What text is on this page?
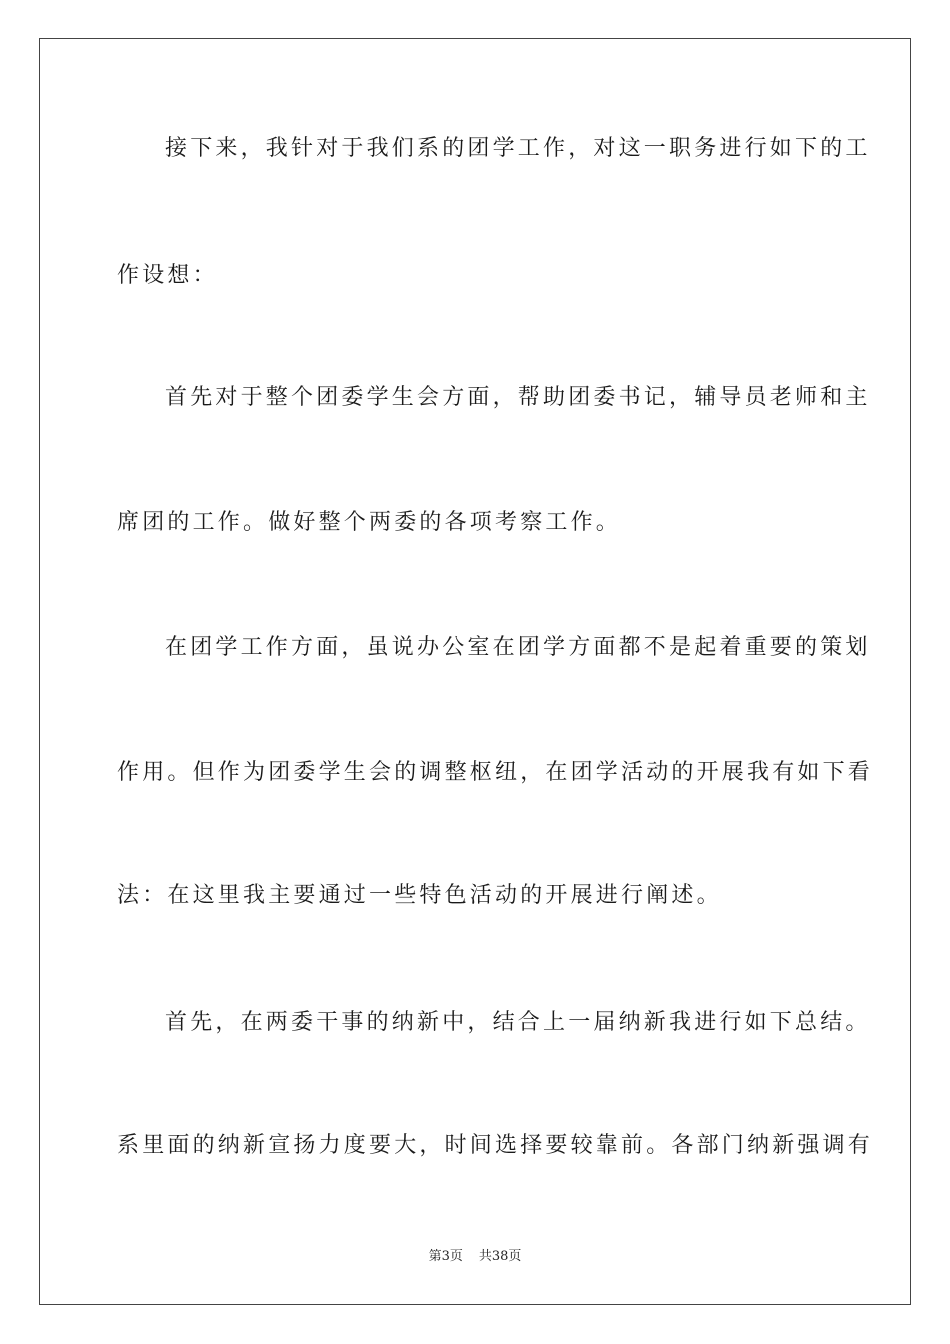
接下来，我针对于我们系的团学工作，对这一职务进行如下的工
作设想：
首先对于整个团委学生会方面，帮助团委书记，辅导员老师和主
席团的工作。做好整个两委的各项考察工作。
在团学工作方面，虽说办公室在团学方面都不是起着重要的策划
作用。但作为团委学生会的调整枢纽，在团学活动的开展我有如下看
法：在这里我主要通过一些特色活动的开展进行阐述。
首先，在两委干事的纳新中，结合上一届纳新我进行如下总结。
系里面的纳新宣扬力度要大，时间选择要较靠前。各部门纳新强调有
第3页 共38页
